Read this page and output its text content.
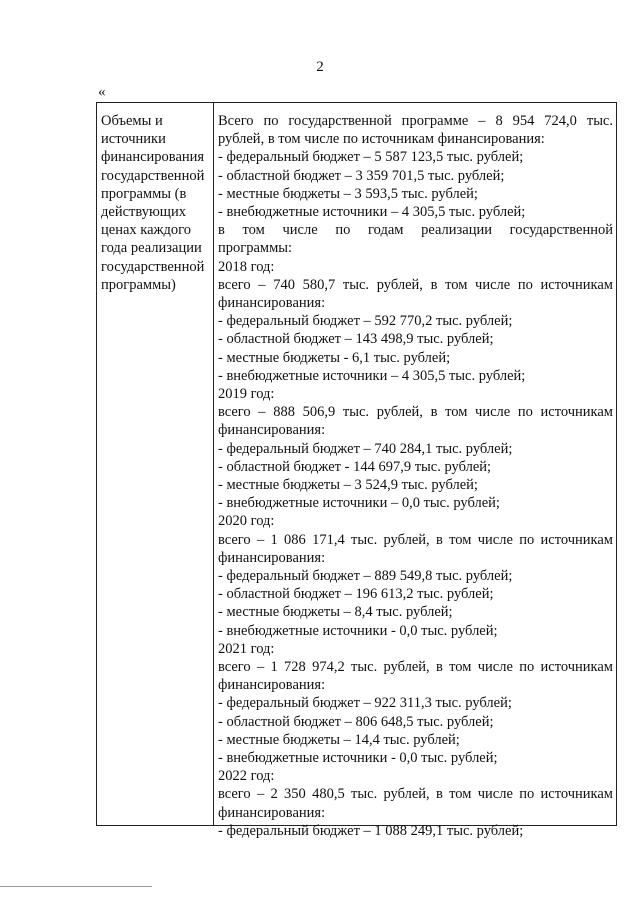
2
«
Объемы и
источники
финансирования
государственной
программы (в
действующих
ценах каждого
года реализации
государственной
программы)
Всего по государственной программе – 8 954 724,0 тыс.
рублей, в том числе по источникам финансирования:
- федеральный бюджет – 5 587 123,5 тыс. рублей;
- областной бюджет – 3 359 701,5 тыс. рублей;
- местные бюджеты – 3 593,5 тыс. рублей;
- внебюджетные источники – 4 305,5 тыс. рублей;
в том числе по годам реализации государственной
программы:
2018 год:
всего – 740 580,7 тыс. рублей, в том числе по источникам
финансирования:
- федеральный бюджет – 592 770,2 тыс. рублей;
- областной бюджет – 143 498,9 тыс. рублей;
- местные бюджеты - 6,1 тыс. рублей;
- внебюджетные источники – 4 305,5 тыс. рублей;
2019 год:
всего – 888 506,9 тыс. рублей, в том числе по источникам
финансирования:
- федеральный бюджет – 740 284,1 тыс. рублей;
- областной бюджет - 144 697,9 тыс. рублей;
- местные бюджеты – 3 524,9 тыс. рублей;
- внебюджетные источники – 0,0 тыс. рублей;
2020 год:
всего – 1 086 171,4 тыс. рублей, в том числе по источникам
финансирования:
- федеральный бюджет – 889 549,8 тыс. рублей;
- областной бюджет – 196 613,2 тыс. рублей;
- местные бюджеты – 8,4 тыс. рублей;
- внебюджетные источники - 0,0 тыс. рублей;
2021 год:
всего – 1 728 974,2 тыс. рублей, в том числе по источникам
финансирования:
- федеральный бюджет – 922 311,3 тыс. рублей;
- областной бюджет – 806 648,5 тыс. рублей;
- местные бюджеты – 14,4 тыс. рублей;
- внебюджетные источники - 0,0 тыс. рублей;
2022 год:
всего – 2 350 480,5 тыс. рублей, в том числе по источникам
финансирования:
- федеральный бюджет – 1 088 249,1 тыс. рублей;
